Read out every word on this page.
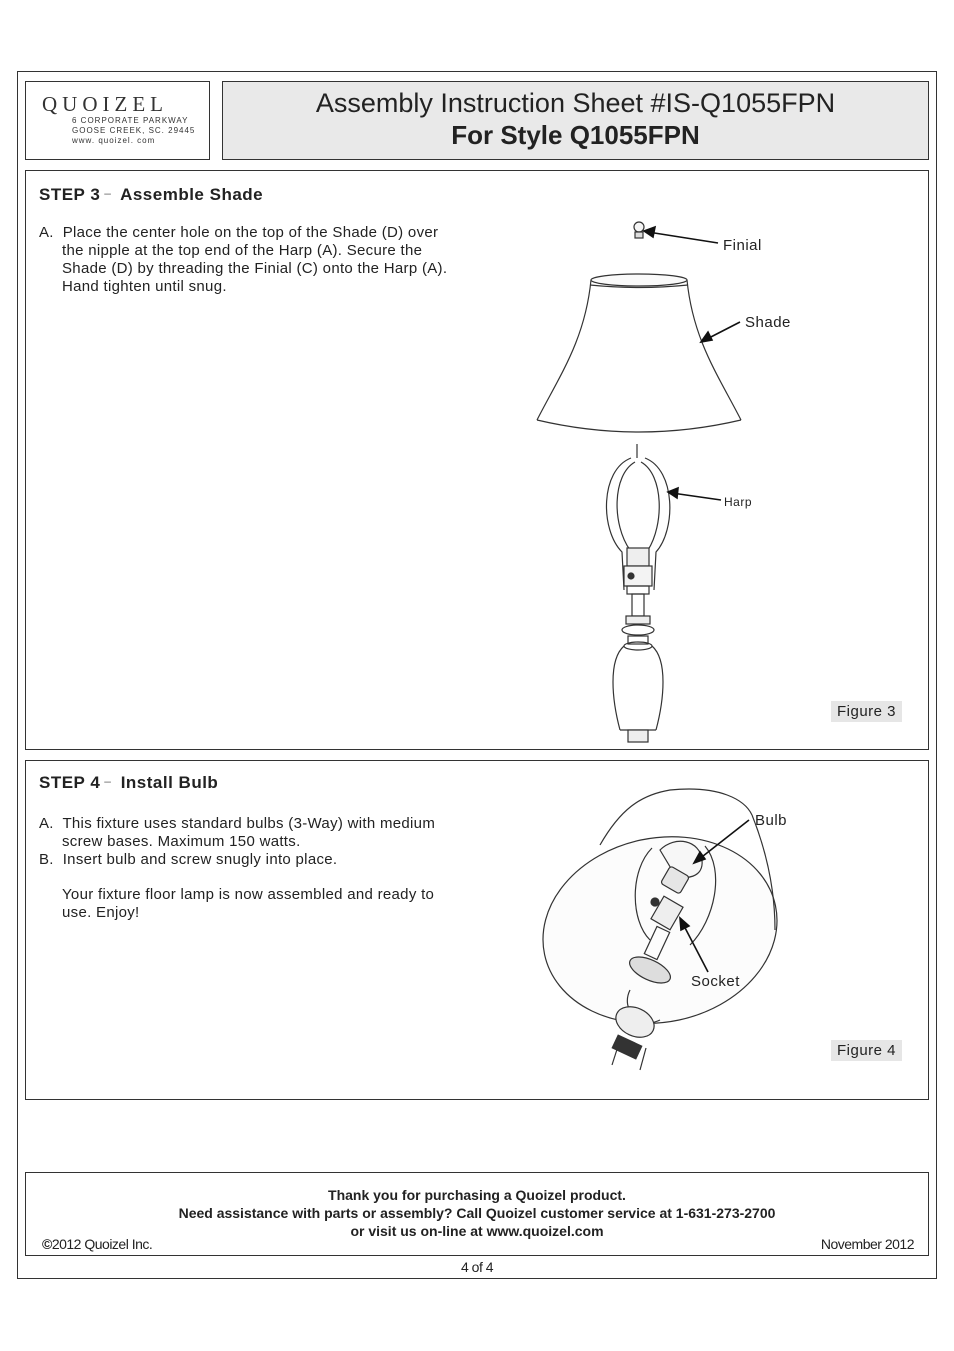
QUOIZEL
6 CORPORATE PARKWAY
GOOSE CREEK, SC. 29445
www. quoizel. com
Assembly Instruction Sheet #IS-Q1055FPN
For Style Q1055FPN
STEP 3 – Assemble Shade
A. Place the center hole on the top of the Shade (D) over
the nipple at the top end of the Harp (A). Secure the
Shade (D) by threading the Finial (C) onto the Harp (A).
Hand tighten until snug.
Figure 3
Finial
Shade
Harp
STEP 4 – Install Bulb
A. This fixture uses standard bulbs (3-Way) with medium
screw bases. Maximum 150 watts.
B. Insert bulb and screw snugly into place.
Your fixture floor lamp is now assembled and ready to
use. Enjoy!
Figure 4
Bulb
Socket
Thank you for purchasing a Quoizel product.
Need assistance with parts or assembly? Call Quoizel customer service at 1-631-273-2700
or visit us on-line at www.quoizel.com
©2012 Quoizel Inc.	November 2012
4 of 4
